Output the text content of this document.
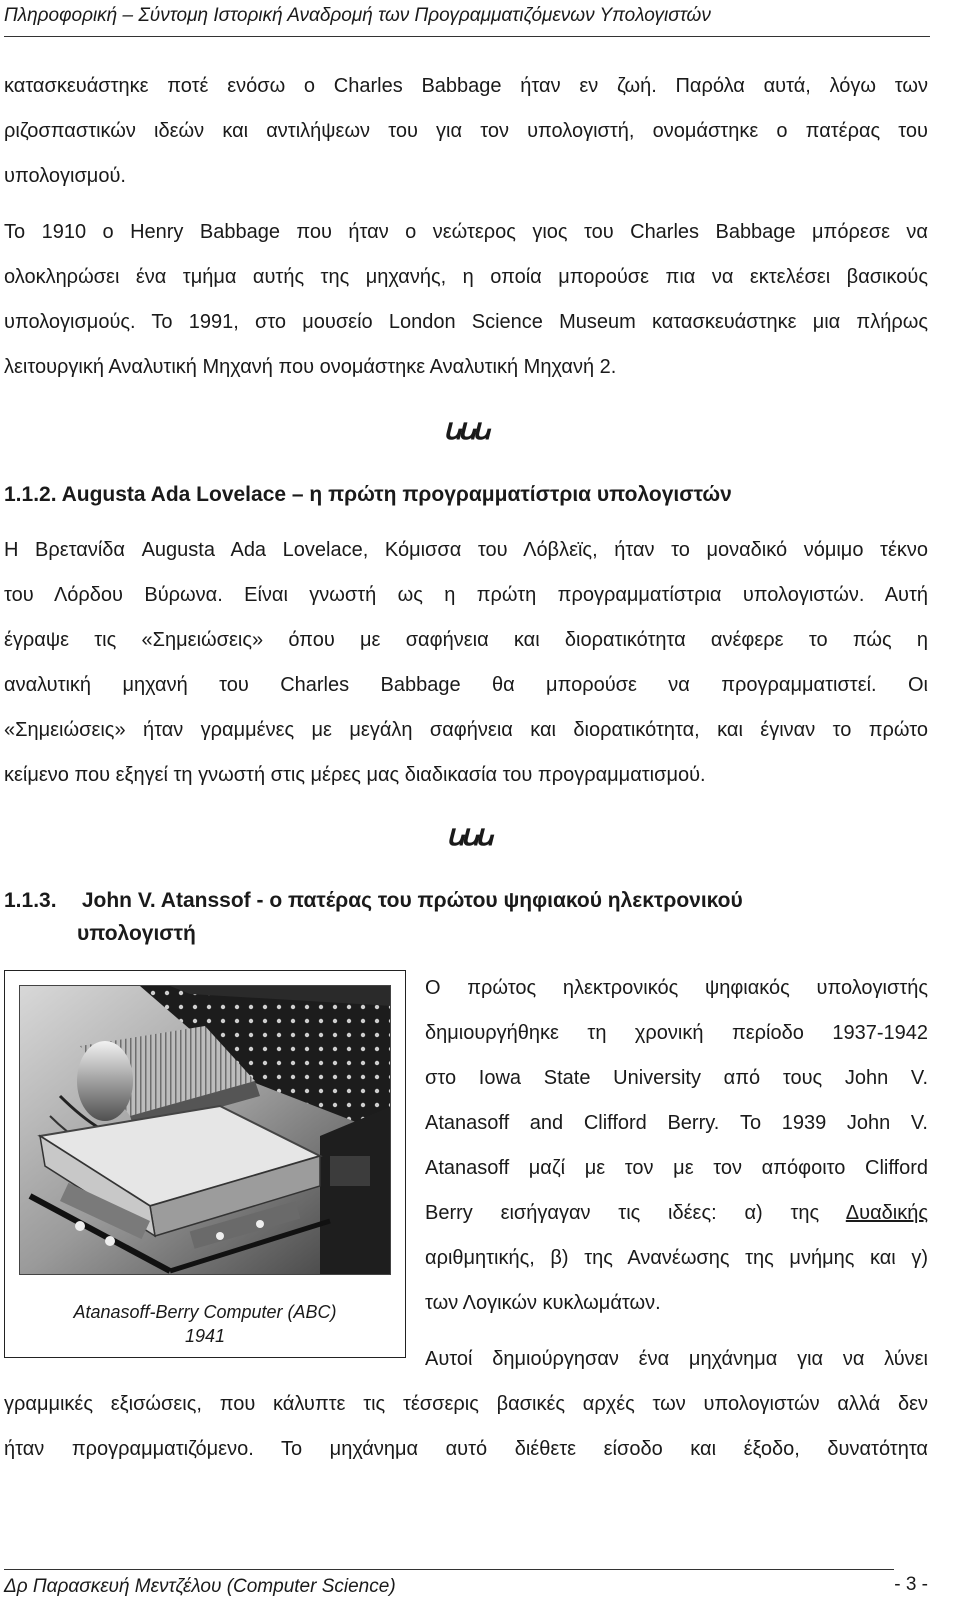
Πληροφορική – Σύντομη Ιστορική Αναδρομή των Προγραμματιζόμενων Υπολογιστών
κατασκευάστηκε ποτέ ενόσω ο Charles Babbage ήταν εν ζωή. Παρόλα αυτά, λόγω των
ριζοσπαστικών ιδεών και αντιλήψεων του για τον υπολογιστή, ονομάστηκε ο πατέρας του
υπολογισμού.
Το 1910 ο Henry Babbage που ήταν ο νεώτερος γιος του Charles Babbage μπόρεσε να
ολοκληρώσει ένα τμήμα αυτής της μηχανής, η οποία μπορούσε πια να εκτελέσει βασικούς
υπολογισμούς. Το 1991, στο μουσείο London Science Museum κατασκευάστηκε μια πλήρως
λειτουργική Αναλυτική Μηχανή που ονομάστηκε Αναλυτική Μηχανή 2.
ꭎꭎꭎ
1.1.2. Augusta Ada Lovelace – η πρώτη προγραμματίστρια υπολογιστών
Η Βρετανίδα Augusta Ada Lovelace, Κόμισσα του Λόβλεϊς, ήταν το μοναδικό νόμιμο τέκνο
του Λόρδου Βύρωνα. Είναι γνωστή ως η πρώτη προγραμματίστρια υπολογιστών. Αυτή
έγραψε τις «Σημειώσεις» όπου με σαφήνεια και διορατικότητα ανέφερε το πώς η
αναλυτική μηχανή του Charles Babbage θα μπορούσε να προγραμματιστεί. Οι
«Σημειώσεις» ήταν γραμμένες με μεγάλη σαφήνεια και διορατικότητα, και έγιναν το πρώτο
κείμενο που εξηγεί τη γνωστή στις μέρες μας διαδικασία του προγραμματισμού.
ꭎꭎꭎ
1.1.3. John V. Atanssof - ο πατέρας του πρώτου ψηφιακού ηλεκτρονικού
υπολογιστή
Atanasoff-Berry Computer (ABC)
1941
Ο πρώτος ηλεκτρονικός ψηφιακός υπολογιστής
δημιουργήθηκε τη χρονική περίοδο 1937-1942
στο Iowa State University από τους John V.
Atanasoff and Clifford Berry. Το 1939 John V.
Atanasoff μαζί με τον με τον απόφοιτο Clifford
Berry εισήγαγαν τις ιδέες: α) της Δυαδικής
αριθμητικής, β) της Ανανέωσης της μνήμης και γ)
των Λογικών κυκλωμάτων.
Αυτοί δημιούργησαν ένα μηχάνημα για να λύνει
γραμμικές εξισώσεις, που κάλυπτε τις τέσσερις βασικές αρχές των υπολογιστών αλλά δεν
ήταν προγραμματιζόμενο. Το μηχάνημα αυτό διέθετε είσοδο και έξοδο, δυνατότητα
Δρ Παρασκευή Μεντζέλου (Computer Science)	- 3 -
